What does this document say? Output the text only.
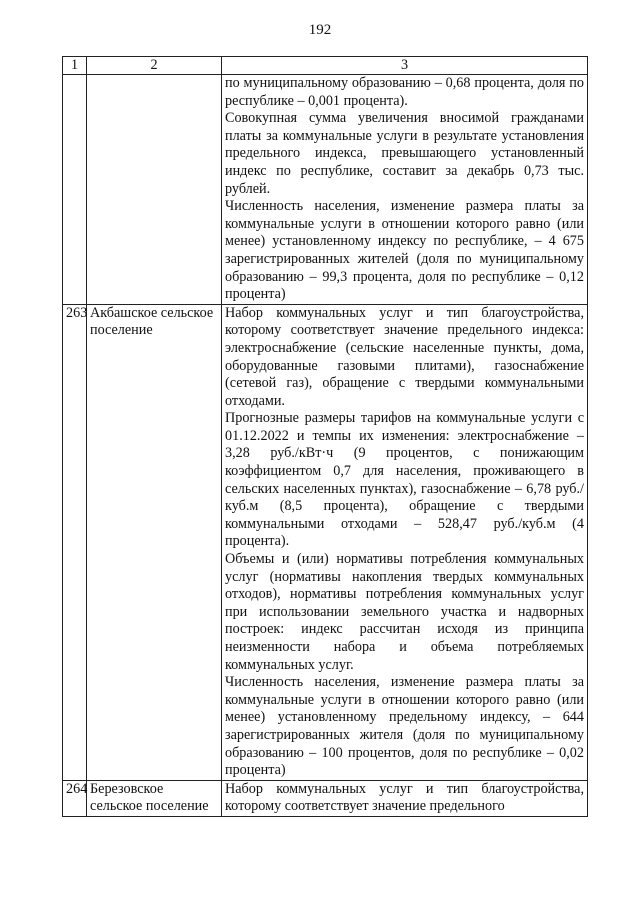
192
1	2	3

		по муниципальному образованию – 0,68 процента, доля по республике – 0,001 процента).

Совокупная сумма увеличения вносимой гражданами платы за коммунальные услуги в результате установления предельного индекса, превышающего установленный индекс по республике, составит за декабрь 0,73 тыс. рублей.

Численность населения, изменение размера платы за коммунальные услуги в отношении которого равно (или менее) установленному индексу по республике, – 4 675 зарегистрированных жителей (доля по муниципальному образованию – 99,3 процента, доля по республике – 0,12 процента)

263	Акбашское сельское поселение	Набор коммунальных услуг и тип благоустройства, которому соответствует значение предельного индекса: электроснабжение (сельские населенные пункты, дома, оборудованные газовыми плитами), газоснабжение (сетевой газ), обращение с твердыми коммунальными отходами.

Прогнозные размеры тарифов на коммунальные услуги с 01.12.2022 и темпы их изменения: электроснабжение – 3,28 руб./кВт·ч (9 процентов, с понижающим коэффициентом 0,7 для населения, проживающего в сельских населенных пунктах), газоснабжение – 6,78 руб./куб.м (8,5 процента), обращение с твердыми коммунальными отходами – 528,47 руб./куб.м (4 процента).

Объемы и (или) нормативы потребления коммунальных услуг (нормативы накопления твердых коммунальных отходов), нормативы потребления коммунальных услуг при использовании земельного участка и надворных построек: индекс рассчитан исходя из принципа неизменности набора и объема потребляемых коммунальных услуг.

Численность населения, изменение размера платы за коммунальные услуги в отношении которого равно (или менее) установленному предельному индексу, – 644 зарегистрированных жителя (доля по муниципальному образованию – 100 процентов, доля по республике – 0,02 процента)

264	Березовское сельское поселение	Набор коммунальных услуг и тип благоустройства, которому соответствует значение предельного
